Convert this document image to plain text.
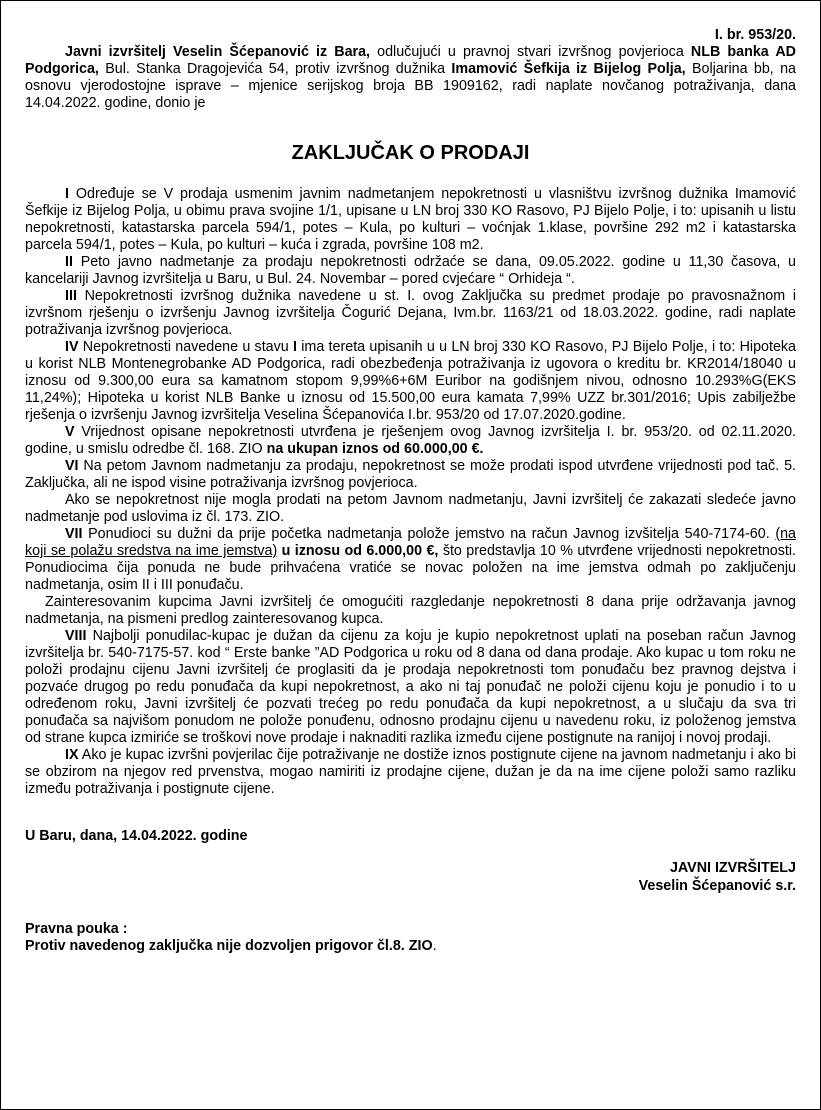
I. br. 953/20.

Javni izvršitelj Veselin Šćepanović iz Bara, odlučujući u pravnoj stvari izvršnog povjerioca NLB banka AD Podgorica, Bul. Stanka Dragojevića 54, protiv izvršnog dužnika Imamović Šefkija iz Bijelog Polja, Boljarina bb, na osnovu vjerodostojne isprave – mjenice serijskog broja BB 1909162, radi naplate novčanog potraživanja, dana 14.04.2022. godine, donio je

ZAKLJUČAK O PRODAJI

I Određuje se V prodaja usmenim javnim nadmetanjem nepokretnosti u vlasništvu izvršnog dužnika Imamović Šefkije iz Bijelog Polja, u obimu prava svojine 1/1, upisane u LN broj 330 KO Rasovo, PJ Bijelo Polje, i to: upisanih u listu nepokretnosti, katastarska parcela 594/1, potes – Kula, po kulturi – voćnjak 1.klase, površine 292 m2 i katastarska parcela 594/1, potes – Kula, po kulturi – kuća i zgrada, površine 108 m2.

II Peto javno nadmetanje za prodaju nepokretnosti održaće se dana, 09.05.2022. godine u 11,30 časova, u kancelariji Javnog izvršitelja u Baru, u Bul. 24. Novembar – pored cvjećare “ Orhideja “.

III Nepokretnosti izvršnog dužnika navedene u st. I. ovog Zaključka su predmet prodaje po pravosnažnom i izvršnom rješenju o izvršenju Javnog izvršitelja Čogurić Dejana, Ivm.br. 1163/21 od 18.03.2022. godine, radi naplate potraživanja izvršnog povjerioca.

IV Nepokretnosti navedene u stavu I ima tereta upisanih u u LN broj 330 KO Rasovo, PJ Bijelo Polje, i to: Hipoteka u korist NLB Montenegrobanke AD Podgorica, radi obezbeđenja potraživanja iz ugovora o kreditu br. KR2014/18040 u iznosu od 9.300,00 eura sa kamatnom stopom 9,99%6+6M Euribor na godišnjem nivou, odnosno 10.293%G(EKS 11,24%); Hipoteka u korist NLB Banke u iznosu od 15.500,00 eura kamata 7,99% UZZ br.301/2016; Upis zabilježbe rješenja o izvršenju Javnog izvršitelja Veselina Šćepanovića I.br. 953/20 od 17.07.2020.godine.

V Vrijednost opisane nepokretnosti utvrđena je rješenjem ovog Javnog izvršitelja I. br. 953/20. od 02.11.2020. godine, u smislu odredbe čl. 168. ZIO na ukupan iznos od 60.000,00 €.

VI Na petom Javnom nadmetanju za prodaju, nepokretnost se može prodati ispod utvrđene vrijednosti pod tač. 5. Zaključka, ali ne ispod visine potraživanja izvršnog povjerioca.

Ako se nepokretnost nije mogla prodati na petom Javnom nadmetanju, Javni izvršitelj će zakazati sledeće javno nadmetanje pod uslovima iz čl. 173. ZIO.

VII Ponudioci su dužni da prije početka nadmetanja polože jemstvo na račun Javnog izvšitelja 540-7174-60. (na koji se polažu sredstva na ime jemstva) u iznosu od 6.000,00 €, što predstavlja 10 % utvrđene vrijednosti nepokretnosti. Ponudiocima čija ponuda ne bude prihvaćena vratiće se novac položen na ime jemstva odmah po zaključenju nadmetanja, osim II i III ponuđaču.

Zainteresovanim kupcima Javni izvršitelj će omogućiti razgledanje nepokretnosti 8 dana prije održavanja javnog nadmetanja, na pismeni predlog zainteresovanog kupca.

VIII Najbolji ponudilac-kupac je dužan da cijenu za koju je kupio nepokretnost uplati na poseban račun Javnog izvršitelja br. 540-7175-57. kod “ Erste banke ”AD Podgorica u roku od 8 dana od dana prodaje. Ako kupac u tom roku ne položi prodajnu cijenu Javni izvršitelj će proglasiti da je prodaja nepokretnosti tom ponuđaču bez pravnog dejstva i pozvaće drugog po redu ponuđača da kupi nepokretnost, a ako ni taj ponuđač ne položi cijenu koju je ponudio i to u određenom roku, Javni izvršitelj će pozvati trećeg po redu ponuđača da kupi nepokretnost, a u slučaju da sva tri ponuđača sa najvišom ponudom ne polože ponuđenu, odnosno prodajnu cijenu u navedenu roku, iz položenog jemstva od strane kupca izmiriće se troškovi nove prodaje i naknaditi razlika između cijene postignute na ranijoj i novoj prodaji.

IX Ako je kupac izvršni povjerilac čije potraživanje ne dostiže iznos postignute cijene na javnom nadmetanju i ako bi se obzirom na njegov red prvenstva, mogao namiriti iz prodajne cijene, dužan je da na ime cijene položi samo razliku između potraživanja i postignute cijene.

U Baru, dana, 14.04.2022. godine

JAVNI IZVRŠITELJ
Veselin Šćepanović s.r.

Pravna pouka :

Protiv navedenog zaključka nije dozvoljen prigovor čl.8. ZIO.
